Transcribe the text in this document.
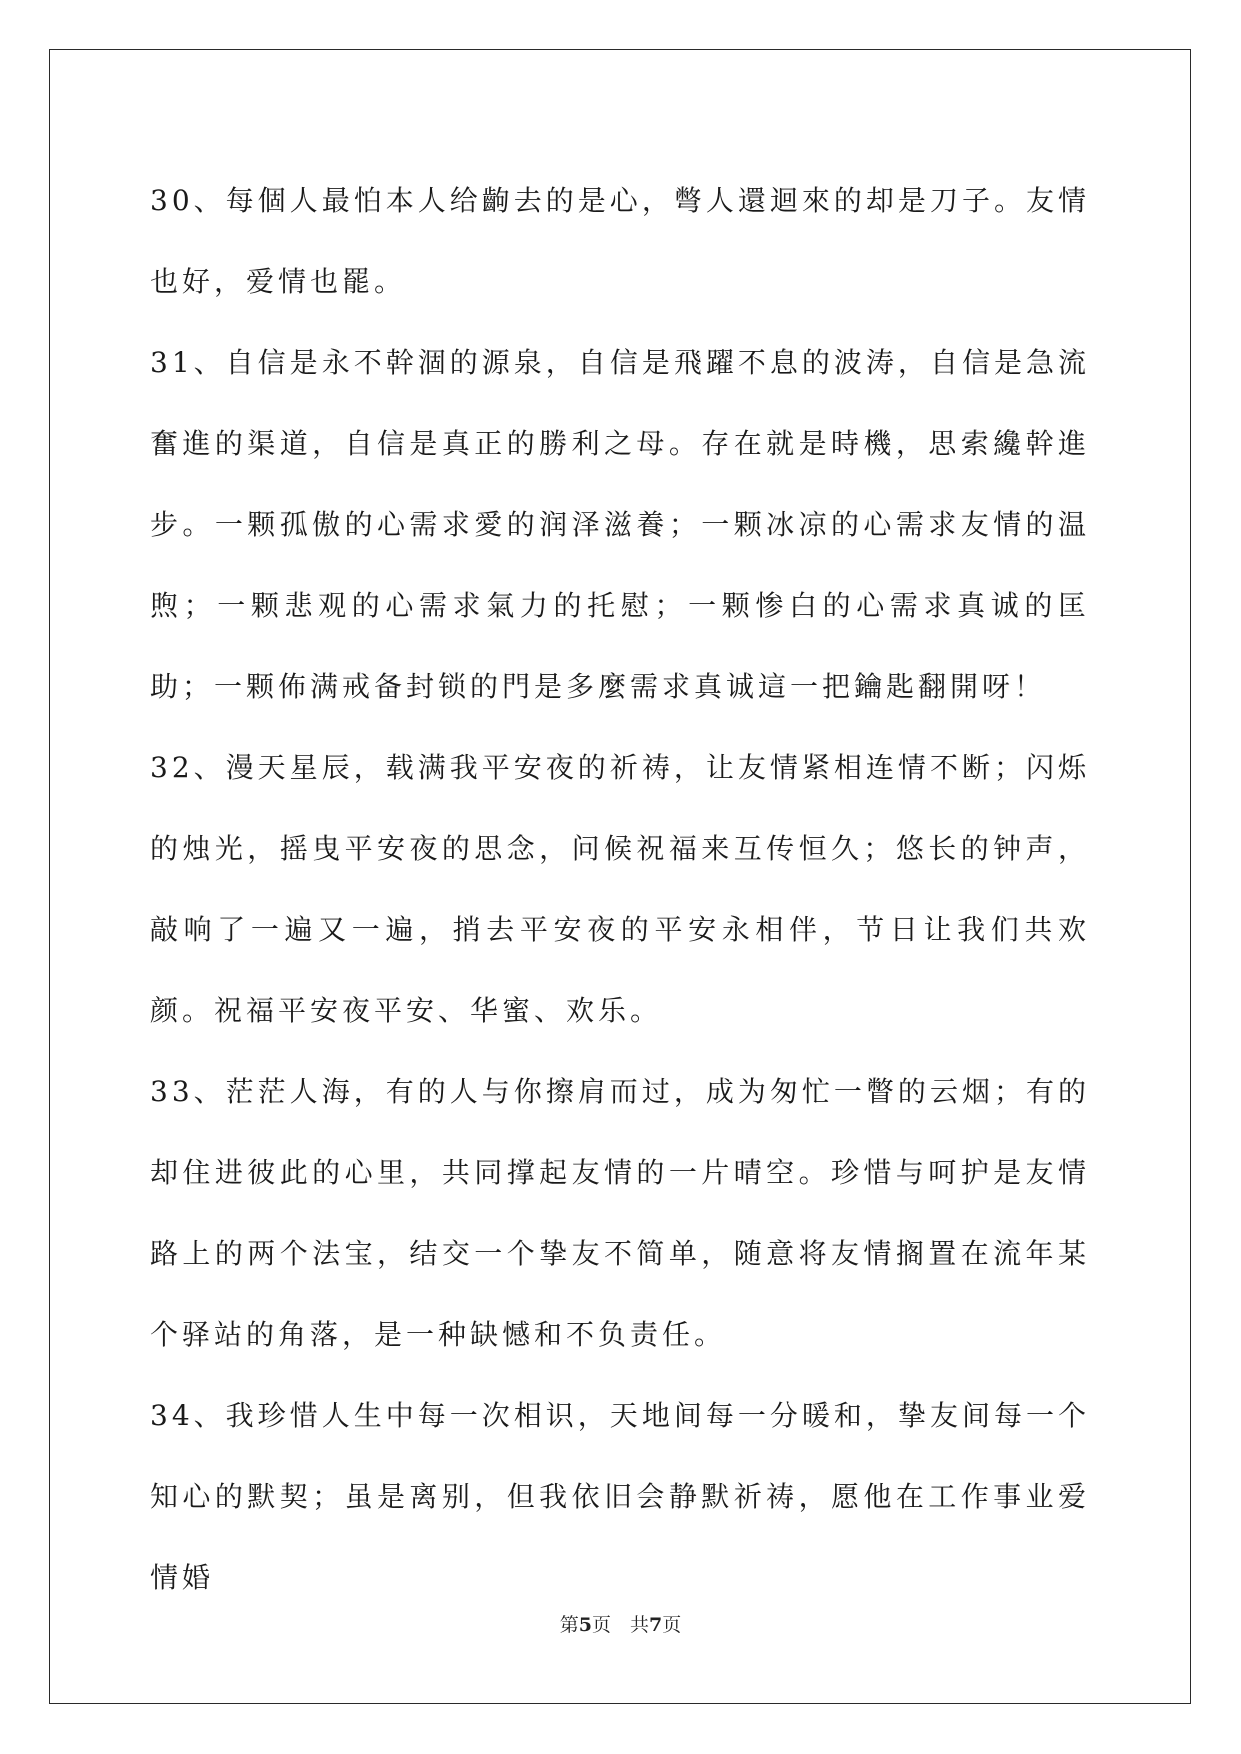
30、每個人最怕本人给齣去的是心，彆人還迴來的却是刀子。友情也好，爱情也罷。

31、自信是永不幹涸的源泉，自信是飛躍不息的波涛，自信是急流奮進的渠道，自信是真正的勝利之母。存在就是時機，思索纔幹進步。一颗孤傲的心需求愛的润泽滋養；一颗冰凉的心需求友情的温煦；一颗悲观的心需求氣力的托慰；一颗惨白的心需求真诚的匡助；一颗佈满戒备封锁的門是多麼需求真诚這一把鑰匙翻開呀！

32、漫天星辰，载满我平安夜的祈祷，让友情紧相连情不断；闪烁的烛光，摇曳平安夜的思念，问候祝福来互传恒久；悠长的钟声，敲响了一遍又一遍，捎去平安夜的平安永相伴，节日让我们共欢颜。祝福平安夜平安、华蜜、欢乐。

33、茫茫人海，有的人与你擦肩而过，成为匆忙一瞥的云烟；有的却住进彼此的心里，共同撑起友情的一片晴空。珍惜与呵护是友情路上的两个法宝，结交一个挚友不简单，随意将友情搁置在流年某个驿站的角落，是一种缺憾和不负责任。

34、我珍惜人生中每一次相识，天地间每一分暖和，挚友间每一个知心的默契；虽是离别，但我依旧会静默祈祷，愿他在工作事业爱情婚

第5页　共7页
